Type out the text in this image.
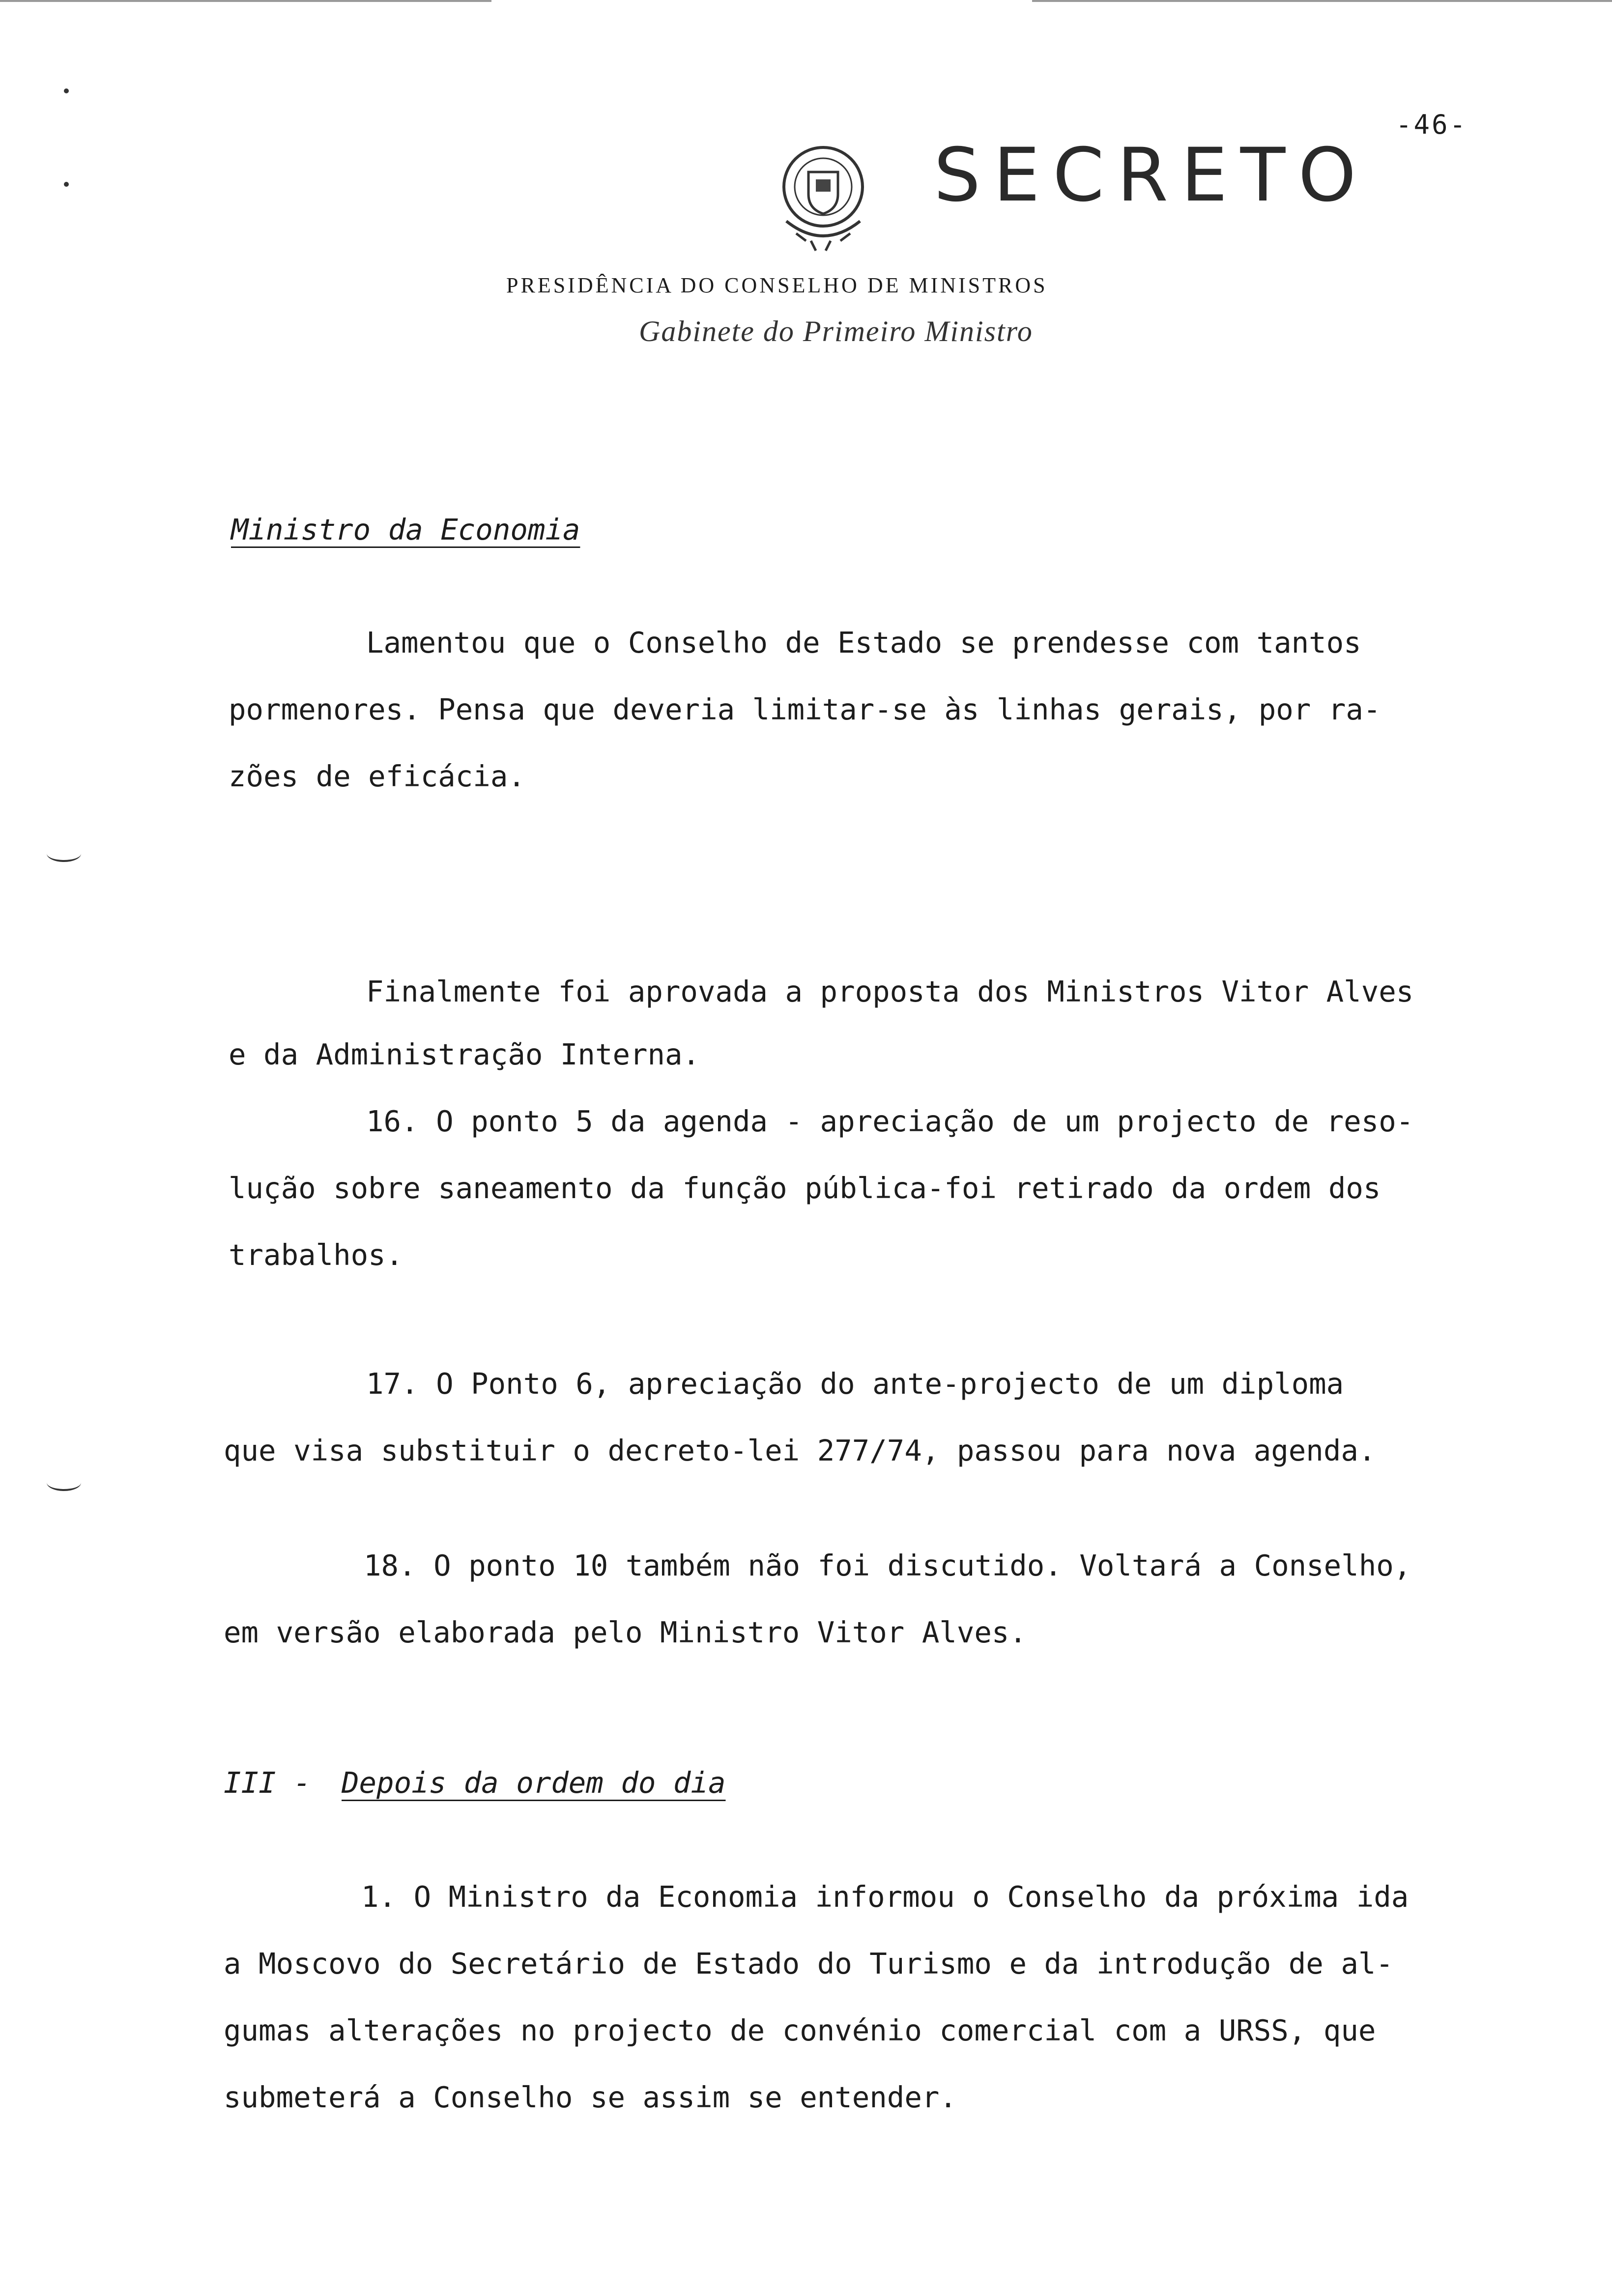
-46-
SECRETO
PRESIDÊNCIA DO CONSELHO DE MINISTROS
Gabinete do Primeiro Ministro
Ministro da Economia
Lamentou que o Conselho de Estado se prendesse com tantos
pormenores. Pensa que deveria limitar-se às linhas gerais, por ra-
zões de eficácia.
Finalmente foi aprovada a proposta dos Ministros Vitor Alves
e da Administração Interna.
16. O ponto 5 da agenda - apreciação de um projecto de reso-
lução sobre saneamento da função pública-foi retirado da ordem dos
trabalhos.
17. O Ponto 6, apreciação do ante-projecto de um diploma
que visa substituir o decreto-lei 277/74, passou para nova agenda.
18. O ponto 10 também não foi discutido. Voltará a Conselho,
em versão elaborada pelo Ministro Vitor Alves.
III - Depois da ordem do dia
1. O Ministro da Economia informou o Conselho da próxima ida
a Moscovo do Secretário de Estado do Turismo e da introdução de al-
gumas alterações no projecto de convénio comercial com a URSS, que
submeterá a Conselho se assim se entender.
